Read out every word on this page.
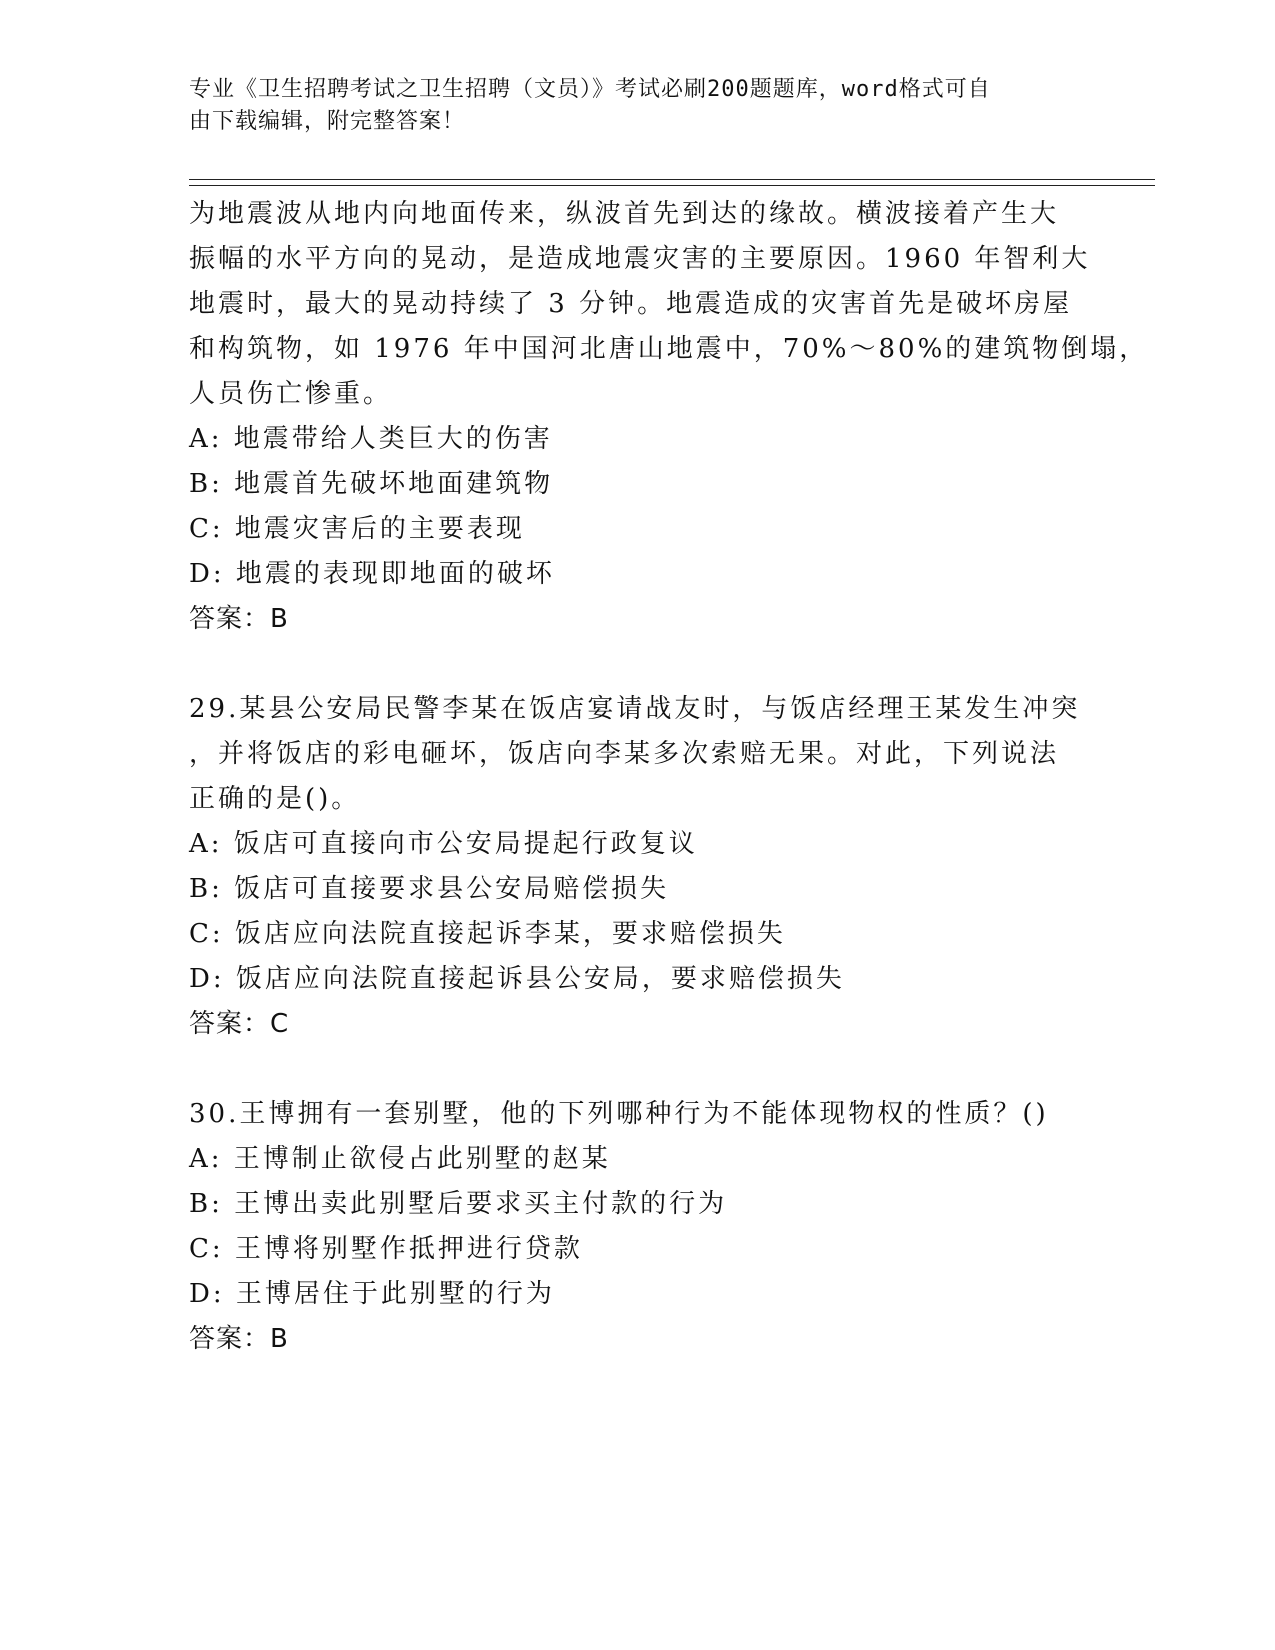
专业《卫生招聘考试之卫生招聘（文员）》考试必刷200题题库，word格式可自
由下载编辑，附完整答案！
为地震波从地内向地面传来，纵波首先到达的缘故。横波接着产生大
振幅的水平方向的晃动，是造成地震灾害的主要原因。1960 年智利大
地震时，最大的晃动持续了 3 分钟。地震造成的灾害首先是破坏房屋
和构筑物，如 1976 年中国河北唐山地震中，70%～80%的建筑物倒塌，
人员伤亡惨重。
A: 地震带给人类巨大的伤害
B: 地震首先破坏地面建筑物
C: 地震灾害后的主要表现
D: 地震的表现即地面的破坏
答案：B
29.某县公安局民警李某在饭店宴请战友时，与饭店经理王某发生冲突
，并将饭店的彩电砸坏，饭店向李某多次索赔无果。对此，下列说法
正确的是()。
A: 饭店可直接向市公安局提起行政复议
B: 饭店可直接要求县公安局赔偿损失
C: 饭店应向法院直接起诉李某，要求赔偿损失
D: 饭店应向法院直接起诉县公安局，要求赔偿损失
答案：C
30.王博拥有一套别墅，他的下列哪种行为不能体现物权的性质？()
A: 王博制止欲侵占此别墅的赵某
B: 王博出卖此别墅后要求买主付款的行为
C: 王博将别墅作抵押进行贷款
D: 王博居住于此别墅的行为
答案：B
